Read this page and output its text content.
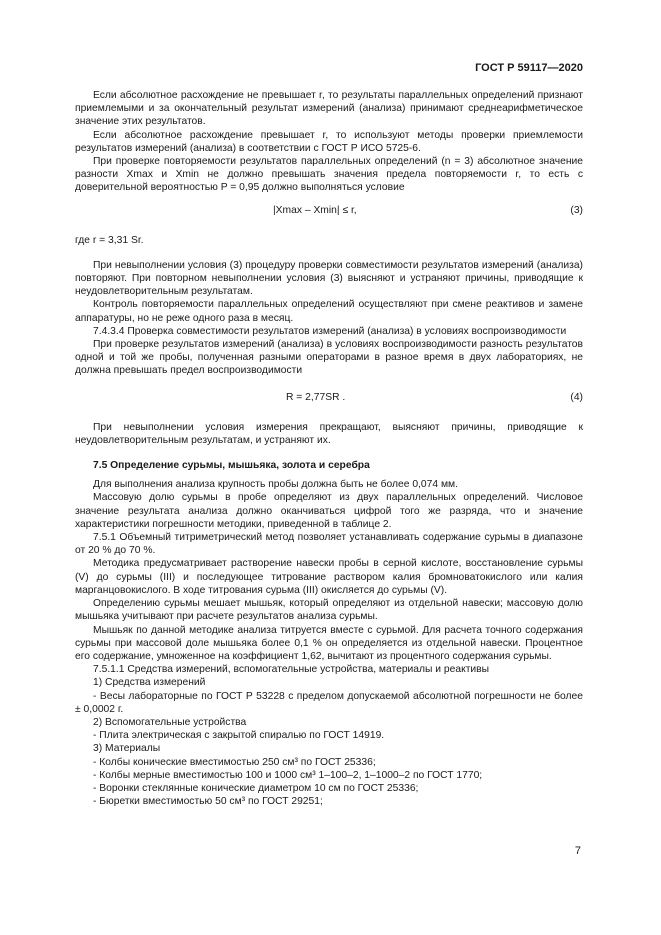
ГОСТ Р 59117—2020

Если абсолютное расхождение не превышает r, то результаты параллельных определений признают приемлемыми и за окончательный результат измерений (анализа) принимают среднеарифметическое значение этих результатов.

Если абсолютное расхождение превышает r, то используют методы проверки приемлемости результатов измерений (анализа) в соответствии с ГОСТ Р ИСО 5725-6.

При проверке повторяемости результатов параллельных определений (n = 3) абсолютное значение разности Xmax и Xmin не должно превышать значения предела повторяемости r, то есть с доверительной вероятностью P = 0,95 должно выполняться условие

|Xmax – Xmin| ≤ r,	(3)

где r = 3,31 Sr.

При невыполнении условия (3) процедуру проверки совместимости результатов измерений (анализа) повторяют. При повторном невыполнении условия (3) выясняют и устраняют причины, приводящие к неудовлетворительным результатам.

Контроль повторяемости параллельных определений осуществляют при смене реактивов и замене аппаратуры, но не реже одного раза в месяц.

7.4.3.4 Проверка совместимости результатов измерений (анализа) в условиях воспроизводимости

При проверке результатов измерений (анализа) в условиях воспроизводимости разность результатов одной и той же пробы, полученная разными операторами в разное время в двух лабораториях, не должна превышать предел воспроизводимости

R = 2,77SR .	(4)

При невыполнении условия измерения прекращают, выясняют причины, приводящие к неудовлетворительным результатам, и устраняют их.

7.5 Определение сурьмы, мышьяка, золота и серебра

Для выполнения анализа крупность пробы должна быть не более 0,074 мм.

Массовую долю сурьмы в пробе определяют из двух параллельных определений. Числовое значение результата анализа должно оканчиваться цифрой того же разряда, что и значение характеристики погрешности методики, приведенной в таблице 2.

7.5.1 Объемный титриметрический метод позволяет устанавливать содержание сурьмы в диапазоне от 20 % до 70 %.

Методика предусматривает растворение навески пробы в серной кислоте, восстановление сурьмы (V) до сурьмы (III) и последующее титрование раствором калия бромноватокислого или калия марганцовокислого. В ходе титрования сурьма (III) окисляется до сурьмы (V).

Определению сурьмы мешает мышьяк, который определяют из отдельной навески; массовую долю мышьяка учитывают при расчете результатов анализа сурьмы.

Мышьяк по данной методике анализа титруется вместе с сурьмой. Для расчета точного содержания сурьмы при массовой доле мышьяка более 0,1 % он определяется из отдельной навески. Процентное его содержание, умноженное на коэффициент 1,62, вычитают из процентного содержания сурьмы.

7.5.1.1 Средства измерений, вспомогательные устройства, материалы и реактивы

1) Средства измерений

- Весы лабораторные по ГОСТ Р 53228 с пределом допускаемой абсолютной погрешности не более ± 0,0002 г.

2) Вспомогательные устройства

- Плита электрическая с закрытой спиралью по ГОСТ 14919.

3) Материалы

- Колбы конические вместимостью 250 см³ по ГОСТ 25336;

- Колбы мерные вместимостью 100 и 1000 см³ 1–100–2, 1–1000–2 по ГОСТ 1770;

- Воронки стеклянные конические диаметром 10 см по ГОСТ 25336;

- Бюретки вместимостью 50 см³ по ГОСТ 29251;

7
